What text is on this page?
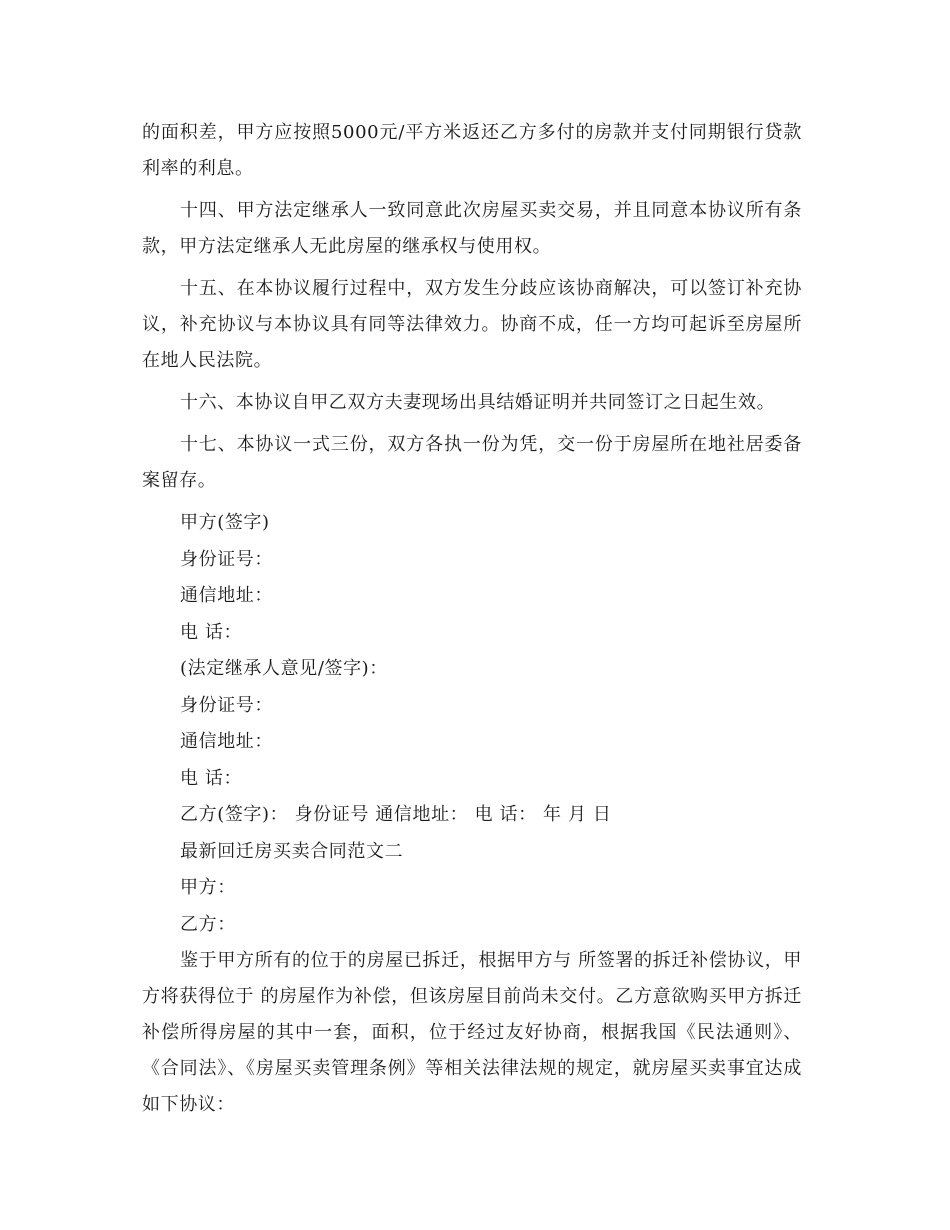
的面积差，甲方应按照5000元/平方米返还乙方多付的房款并支付同期银行贷款利率的利息。

十四、甲方法定继承人一致同意此次房屋买卖交易，并且同意本协议所有条款，甲方法定继承人无此房屋的继承权与使用权。

十五、在本协议履行过程中，双方发生分歧应该协商解决，可以签订补充协议，补充协议与本协议具有同等法律效力。协商不成，任一方均可起诉至房屋所在地人民法院。

十六、本协议自甲乙双方夫妻现场出具结婚证明并共同签订之日起生效。

十七、本协议一式三份，双方各执一份为凭，交一份于房屋所在地社居委备案留存。

甲方(签字)

身份证号：

通信地址：

电 话：

(法定继承人意见/签字)：

身份证号：

通信地址：

电 话：

乙方(签字)： 身份证号 通信地址： 电 话： 年 月 日

最新回迁房买卖合同范文二

甲方：

乙方：

鉴于甲方所有的位于的房屋已拆迁，根据甲方与 所签署的拆迁补偿协议，甲方将获得位于 的房屋作为补偿，但该房屋目前尚未交付。乙方意欲购买甲方拆迁补偿所得房屋的其中一套，面积，位于经过友好协商，根据我国《民法通则》、《合同法》、《房屋买卖管理条例》等相关法律法规的规定，就房屋买卖事宜达成如下协议：
